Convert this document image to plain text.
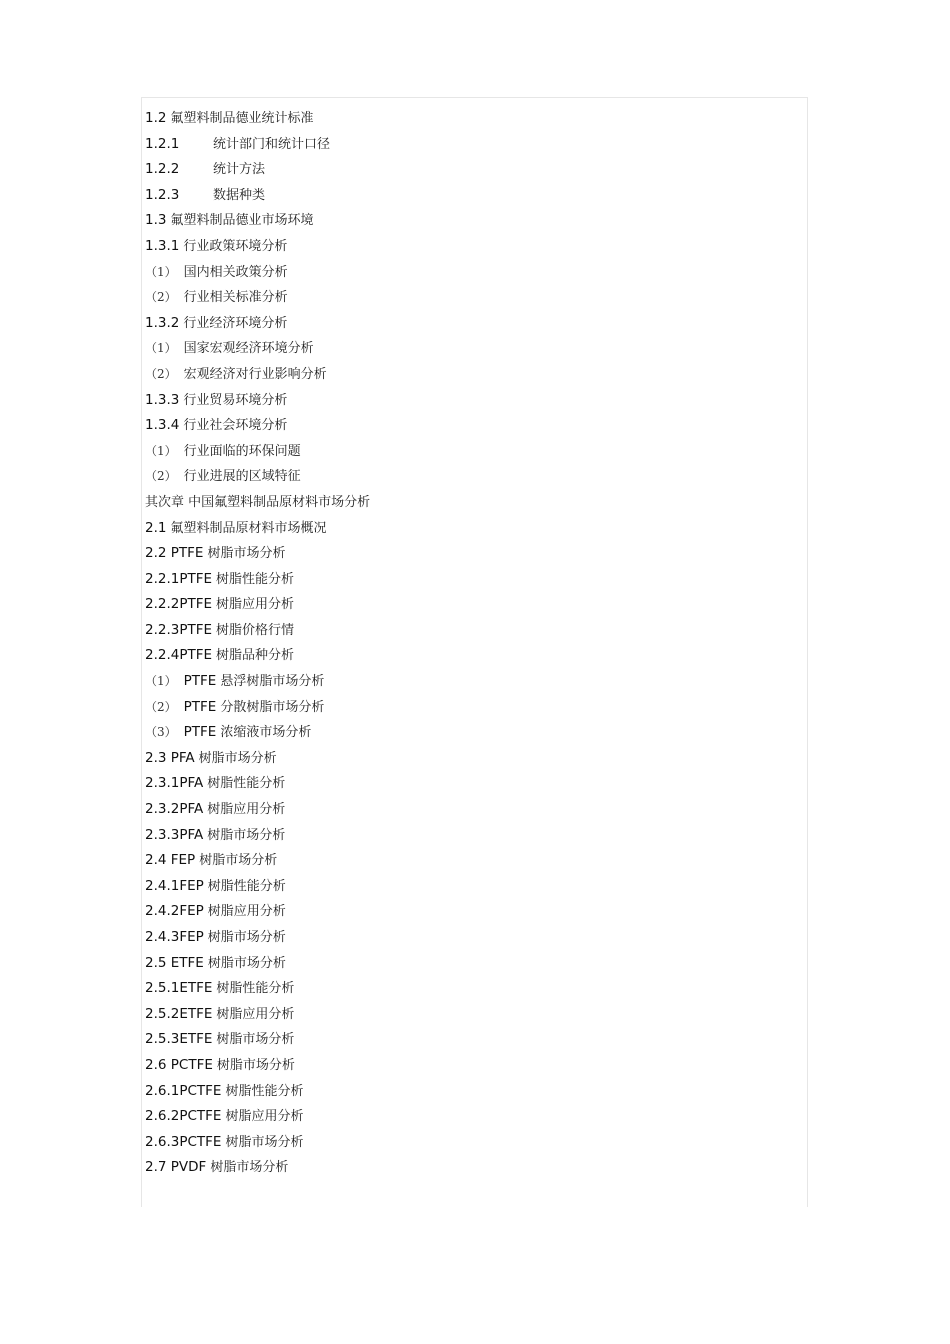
1.2 氟塑料制品德业统计标准
1.2.1	统计部门和统计口径
1.2.2	统计方法
1.2.3	数据种类
1.3 氟塑料制品德业市场环境
1.3.1 行业政策环境分析
（1） 国内相关政策分析
（2） 行业相关标准分析
1.3.2 行业经济环境分析
（1） 国家宏观经济环境分析
（2） 宏观经济对行业影响分析
1.3.3 行业贸易环境分析
1.3.4 行业社会环境分析
（1） 行业面临的环保问题
（2） 行业进展的区域特征
其次章 中国氟塑料制品原材料市场分析
2.1 氟塑料制品原材料市场概况
2.2 PTFE 树脂市场分析
2.2.1PTFE 树脂性能分析
2.2.2PTFE 树脂应用分析
2.2.3PTFE 树脂价格行情
2.2.4PTFE 树脂品种分析
（1） PTFE 悬浮树脂市场分析
（2） PTFE 分散树脂市场分析
（3） PTFE 浓缩液市场分析
2.3 PFA 树脂市场分析
2.3.1PFA 树脂性能分析
2.3.2PFA 树脂应用分析
2.3.3PFA 树脂市场分析
2.4 FEP 树脂市场分析
2.4.1FEP 树脂性能分析
2.4.2FEP 树脂应用分析
2.4.3FEP 树脂市场分析
2.5 ETFE 树脂市场分析
2.5.1ETFE 树脂性能分析
2.5.2ETFE 树脂应用分析
2.5.3ETFE 树脂市场分析
2.6 PCTFE 树脂市场分析
2.6.1PCTFE 树脂性能分析
2.6.2PCTFE 树脂应用分析
2.6.3PCTFE 树脂市场分析
2.7 PVDF 树脂市场分析
